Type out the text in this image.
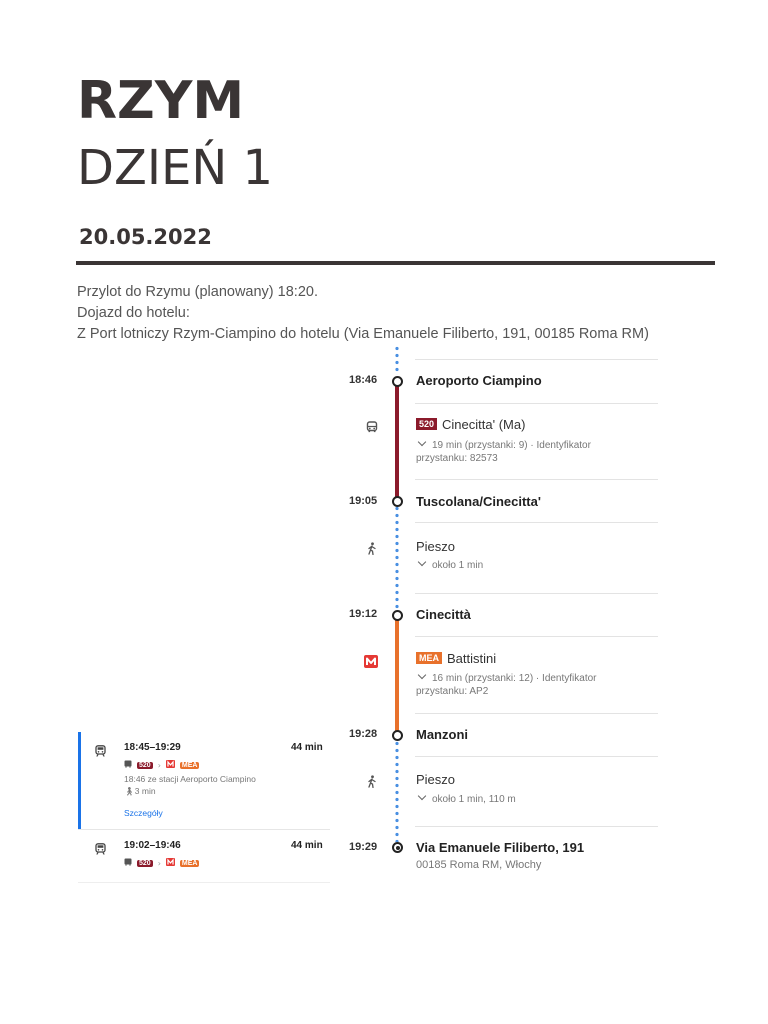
RZYM
DZIEŃ 1
20.05.2022
Przylot do Rzymu (planowany) 18:20.
Dojazd do hotelu:
Z Port lotniczy Rzym-Ciampino do hotelu (Via Emanuele Filiberto, 191, 00185 Roma RM)
18:46	Aeroporto Ciampino
520 Cinecitta' (Ma)
19 min (przystanki: 9) · Identyfikator
przystanku: 82573
19:05	Tuscolana/Cinecitta'
Pieszo
około 1 min
19:12	Cinecittà
MEA Battistini
16 min (przystanki: 12) · Identyfikator
przystanku: AP2
19:28	Manzoni
Pieszo
około 1 min, 110 m
19:29	Via Emanuele Filiberto, 191
00185 Roma RM, Włochy
18:45–19:29	44 min
520 ›	MEA
18:46 ze stacji Aeroporto Ciampino
🚶︎3 min
Szczegóły
19:02–19:46	44 min
520 ›	MEA
